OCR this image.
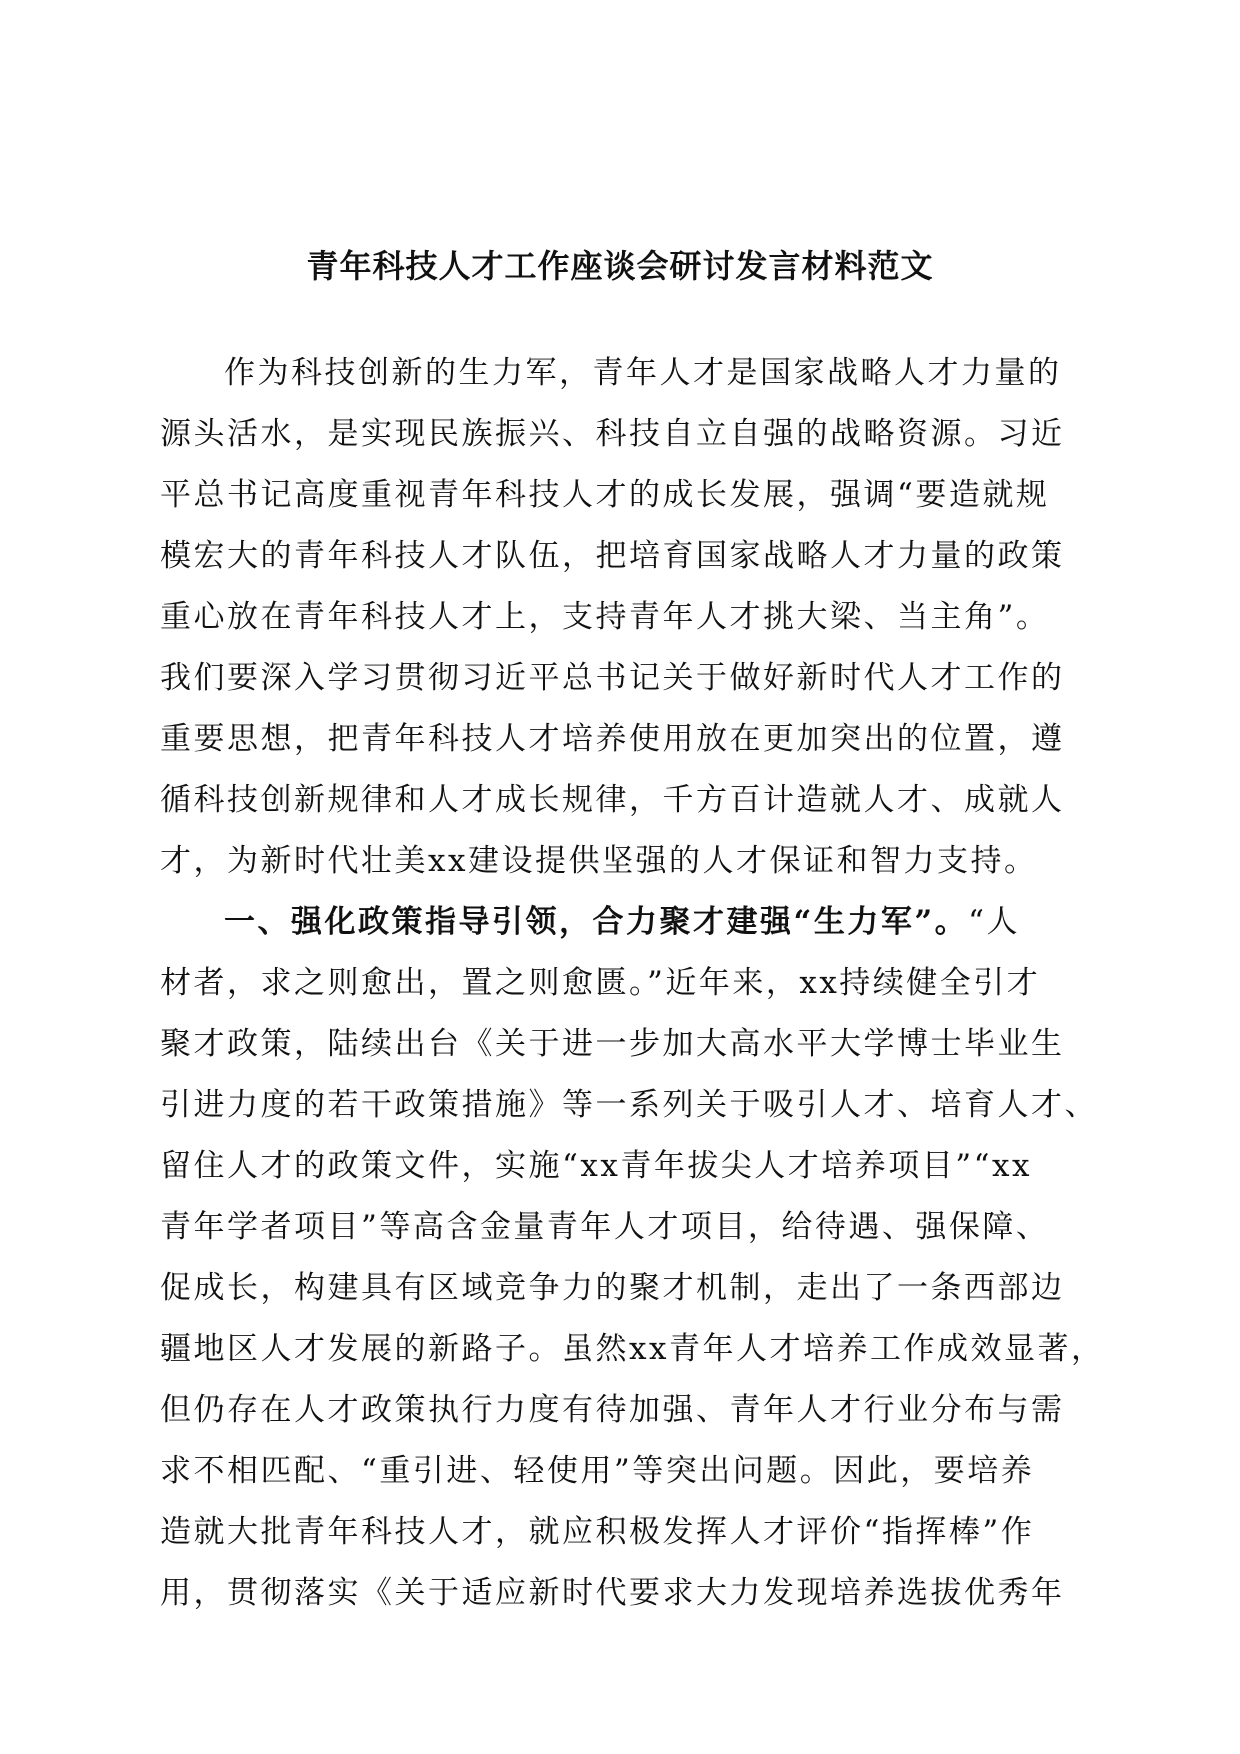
青年科技人才工作座谈会研讨发言材料范文
作为科技创新的生力军，青年人才是国家战略人才力量的
源头活水，是实现民族振兴、科技自立自强的战略资源。习近
平总书记高度重视青年科技人才的成长发展，强调“要造就规
模宏大的青年科技人才队伍，把培育国家战略人才力量的政策
重心放在青年科技人才上，支持青年人才挑大梁、当主角”。
我们要深入学习贯彻习近平总书记关于做好新时代人才工作的
重要思想，把青年科技人才培养使用放在更加突出的位置，遵
循科技创新规律和人才成长规律，千方百计造就人才、成就人
才，为新时代壮美xx建设提供坚强的人才保证和智力支持。
一、强化政策指导引领，合力聚才建强“生力军”。“人
材者，求之则愈出，置之则愈匮。”近年来，xx持续健全引才
聚才政策，陆续出台《关于进一步加大高水平大学博士毕业生
引进力度的若干政策措施》等一系列关于吸引人才、培育人才、
留住人才的政策文件，实施“xx青年拔尖人才培养项目”“xx
青年学者项目”等高含金量青年人才项目，给待遇、强保障、
促成长，构建具有区域竞争力的聚才机制，走出了一条西部边
疆地区人才发展的新路子。虽然xx青年人才培养工作成效显著，
但仍存在人才政策执行力度有待加强、青年人才行业分布与需
求不相匹配、“重引进、轻使用”等突出问题。因此，要培养
造就大批青年科技人才，就应积极发挥人才评价“指挥棒”作
用，贯彻落实《关于适应新时代要求大力发现培养选拔优秀年
